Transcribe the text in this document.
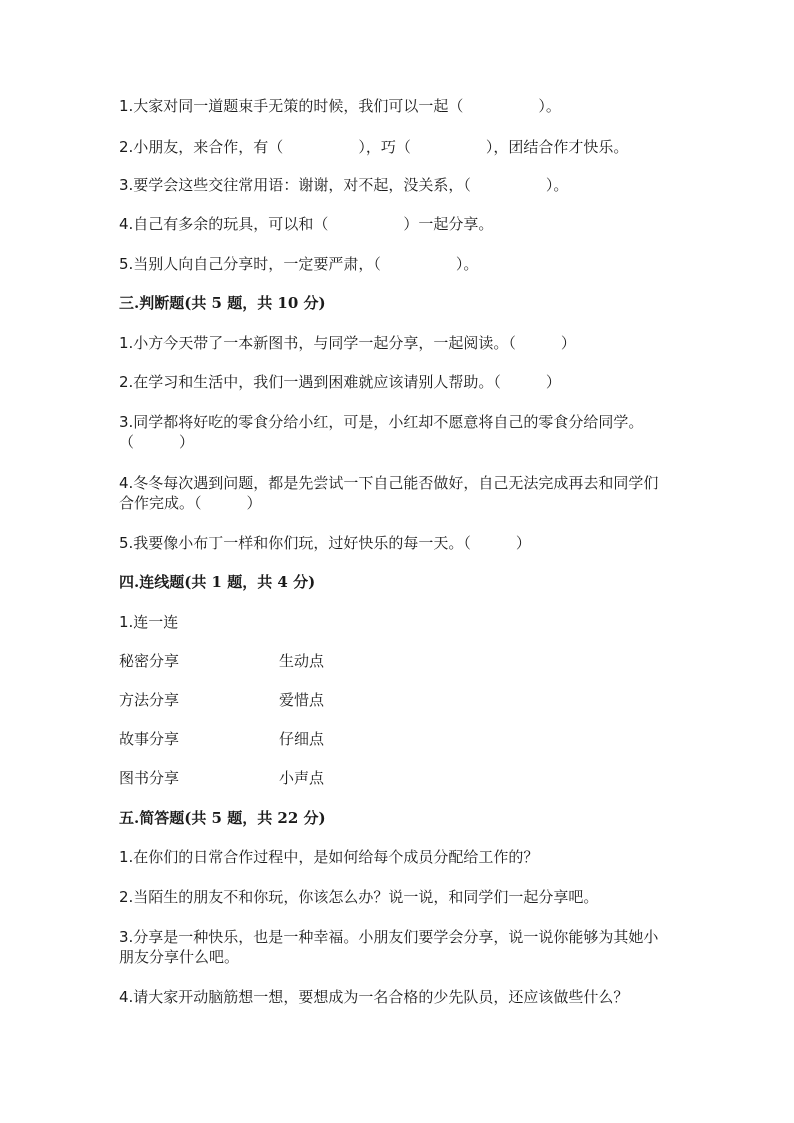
1.大家对同一道题束手无策的时候，我们可以一起（　　　　　）。
2.小朋友，来合作，有（　　　　　），巧（　　　　　），团结合作才快乐。
3.要学会这些交往常用语：谢谢，对不起，没关系，（　　　　　）。
4.自己有多余的玩具，可以和（　　　　　）一起分享。
5.当别人向自己分享时，一定要严肃，（　　　　　）。
三.判断题(共 5 题，共 10 分)
1.小方今天带了一本新图书，与同学一起分享，一起阅读。（　　　）
2.在学习和生活中，我们一遇到困难就应该请别人帮助。（　　　）
3.同学都将好吃的零食分给小红，可是，小红却不愿意将自己的零食分给同学。（　　　）
4.冬冬每次遇到问题，都是先尝试一下自己能否做好，自己无法完成再去和同学们合作完成。（　　　）
5.我要像小布丁一样和你们玩，过好快乐的每一天。（　　　）
四.连线题(共 1 题，共 4 分)
1.连一连
秘密分享	生动点
方法分享	爱惜点
故事分享	仔细点
图书分享	小声点
五.简答题(共 5 题，共 22 分)
1.在你们的日常合作过程中，是如何给每个成员分配给工作的？
2.当陌生的朋友不和你玩，你该怎么办？说一说，和同学们一起分享吧。
3.分享是一种快乐，也是一种幸福。小朋友们要学会分享，说一说你能够为其她小朋友分享什么吧。
4.请大家开动脑筋想一想，要想成为一名合格的少先队员，还应该做些什么？
